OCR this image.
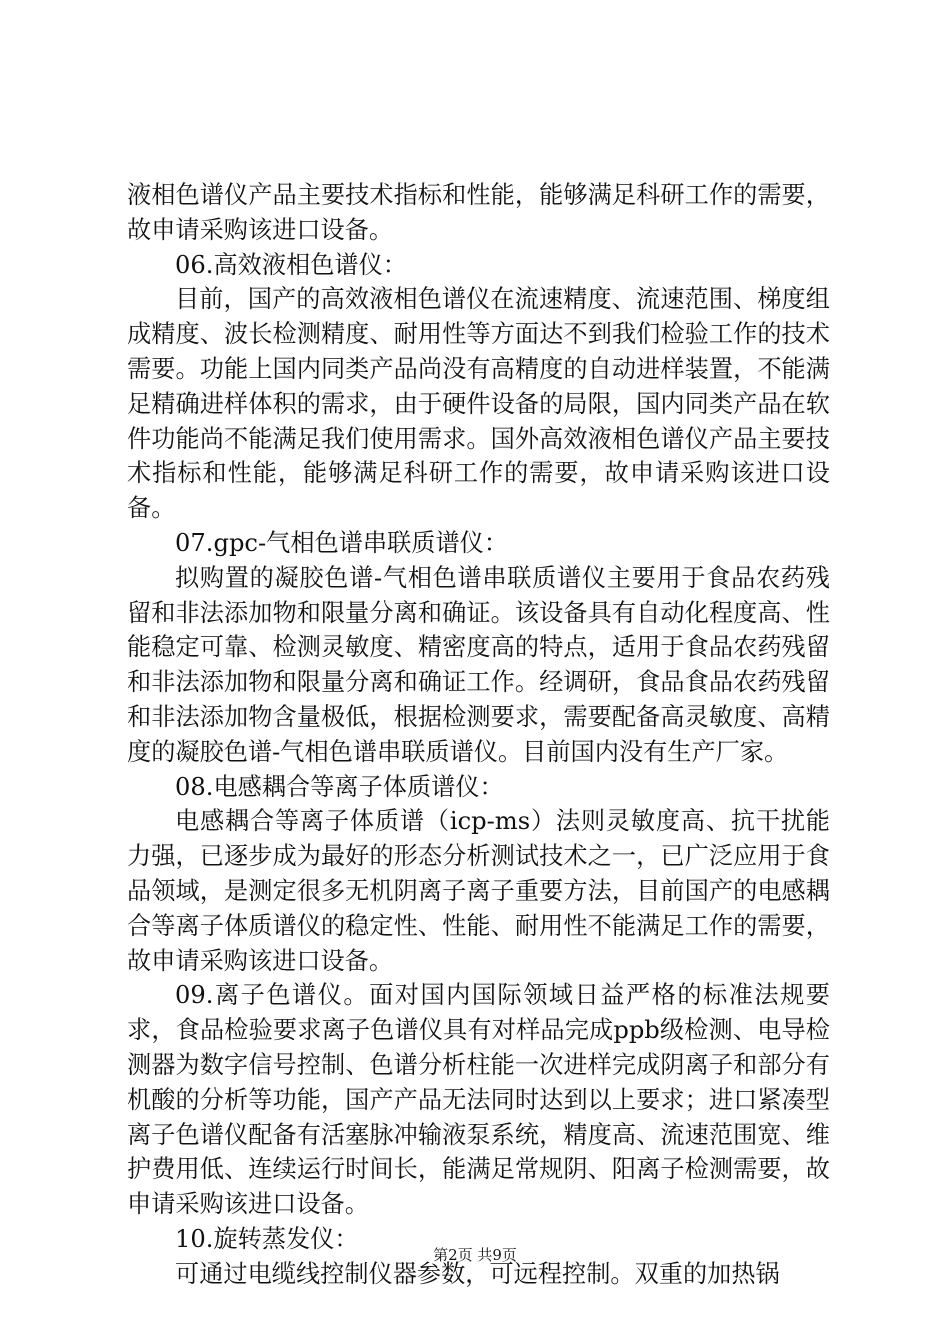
液相色谱仪产品主要技术指标和性能，能够满足科研工作的需要，故申请采购该进口设备。

06.高效液相色谱仪：

目前，国产的高效液相色谱仪在流速精度、流速范围、梯度组成精度、波长检测精度、耐用性等方面达不到我们检验工作的技术需要。功能上国内同类产品尚没有高精度的自动进样装置，不能满足精确进样体积的需求，由于硬件设备的局限，国内同类产品在软件功能尚不能满足我们使用需求。国外高效液相色谱仪产品主要技术指标和性能，能够满足科研工作的需要，故申请采购该进口设备。

07.gpc-气相色谱串联质谱仪：

拟购置的凝胶色谱-气相色谱串联质谱仪主要用于食品农药残留和非法添加物和限量分离和确证。该设备具有自动化程度高、性能稳定可靠、检测灵敏度、精密度高的特点，适用于食品农药残留和非法添加物和限量分离和确证工作。经调研，食品食品农药残留和非法添加物含量极低，根据检测要求，需要配备高灵敏度、高精度的凝胶色谱-气相色谱串联质谱仪。目前国内没有生产厂家。

08.电感耦合等离子体质谱仪：

电感耦合等离子体质谱（icp-ms）法则灵敏度高、抗干扰能力强，已逐步成为最好的形态分析测试技术之一，已广泛应用于食品领域，是测定很多无机阴离子离子重要方法，目前国产的电感耦合等离子体质谱仪的稳定性、性能、耐用性不能满足工作的需要，故申请采购该进口设备。

09.离子色谱仪。面对国内国际领域日益严格的标准法规要求，食品检验要求离子色谱仪具有对样品完成ppb级检测、电导检测器为数字信号控制、色谱分析柱能一次进样完成阴离子和部分有机酸的分析等功能，国产产品无法同时达到以上要求；进口紧凑型离子色谱仪配备有活塞脉冲输液泵系统，精度高、流速范围宽、维护费用低、连续运行时间长，能满足常规阴、阳离子检测需要，故申请采购该进口设备。

10.旋转蒸发仪：

可通过电缆线控制仪器参数，可远程控制。双重的加热锅

第2页 共9页
